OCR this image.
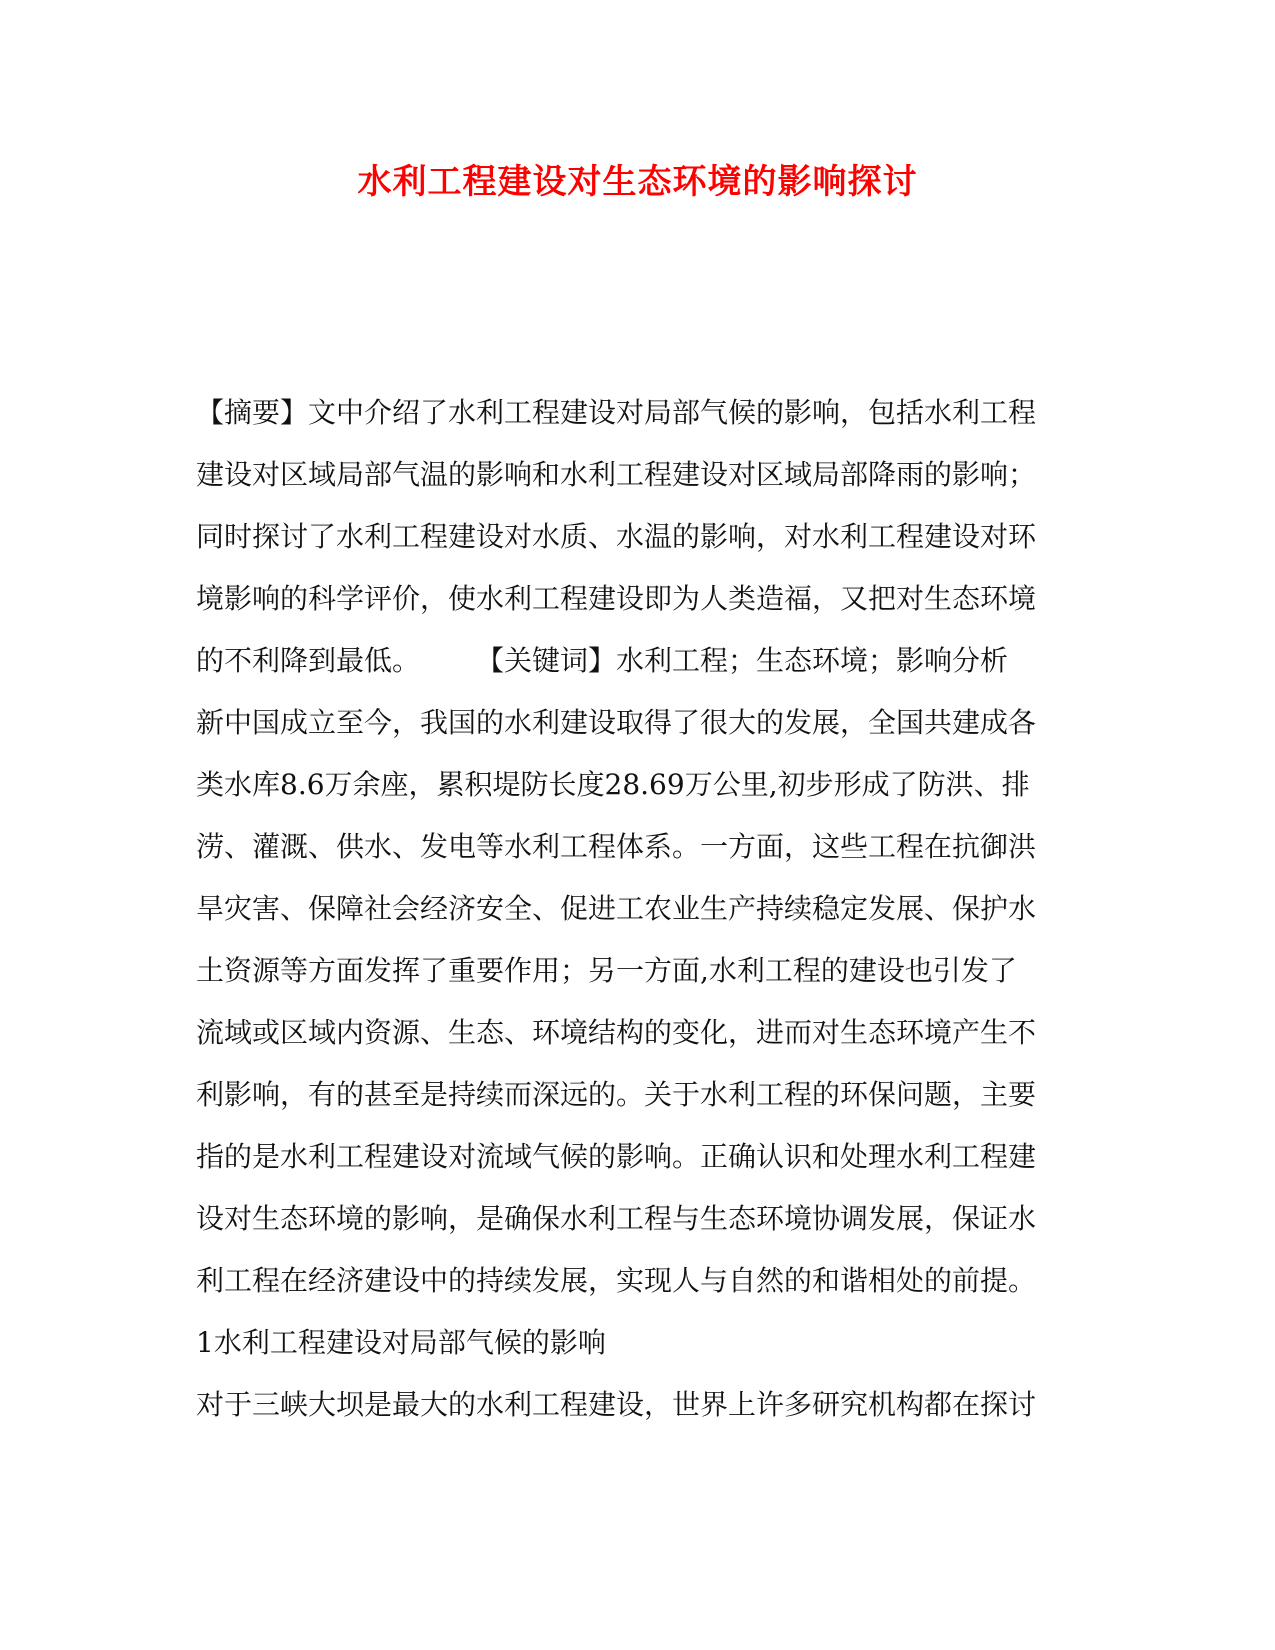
水利工程建设对生态环境的影响探讨
【摘要】文中介绍了水利工程建设对局部气候的影响，包括水利工程
建设对区域局部气温的影响和水利工程建设对区域局部降雨的影响；
同时探讨了水利工程建设对水质、水温的影响，对水利工程建设对环
境影响的科学评价，使水利工程建设即为人类造福，又把对生态环境
的不利降到最低。　　　【关键词】水利工程；生态环境；影响分析
新中国成立至今，我国的水利建设取得了很大的发展，全国共建成各
类水库8.6万余座，累积堤防长度28.69万公里,初步形成了防洪、排
涝、灌溉、供水、发电等水利工程体系。一方面，这些工程在抗御洪
旱灾害、保障社会经济安全、促进工农业生产持续稳定发展、保护水
土资源等方面发挥了重要作用；另一方面,水利工程的建设也引发了
流域或区域内资源、生态、环境结构的变化，进而对生态环境产生不
利影响，有的甚至是持续而深远的。关于水利工程的环保问题，主要
指的是水利工程建设对流域气候的影响。正确认识和处理水利工程建
设对生态环境的影响，是确保水利工程与生态环境协调发展，保证水
利工程在经济建设中的持续发展，实现人与自然的和谐相处的前提。
1水利工程建设对局部气候的影响
对于三峡大坝是最大的水利工程建设，世界上许多研究机构都在探讨
